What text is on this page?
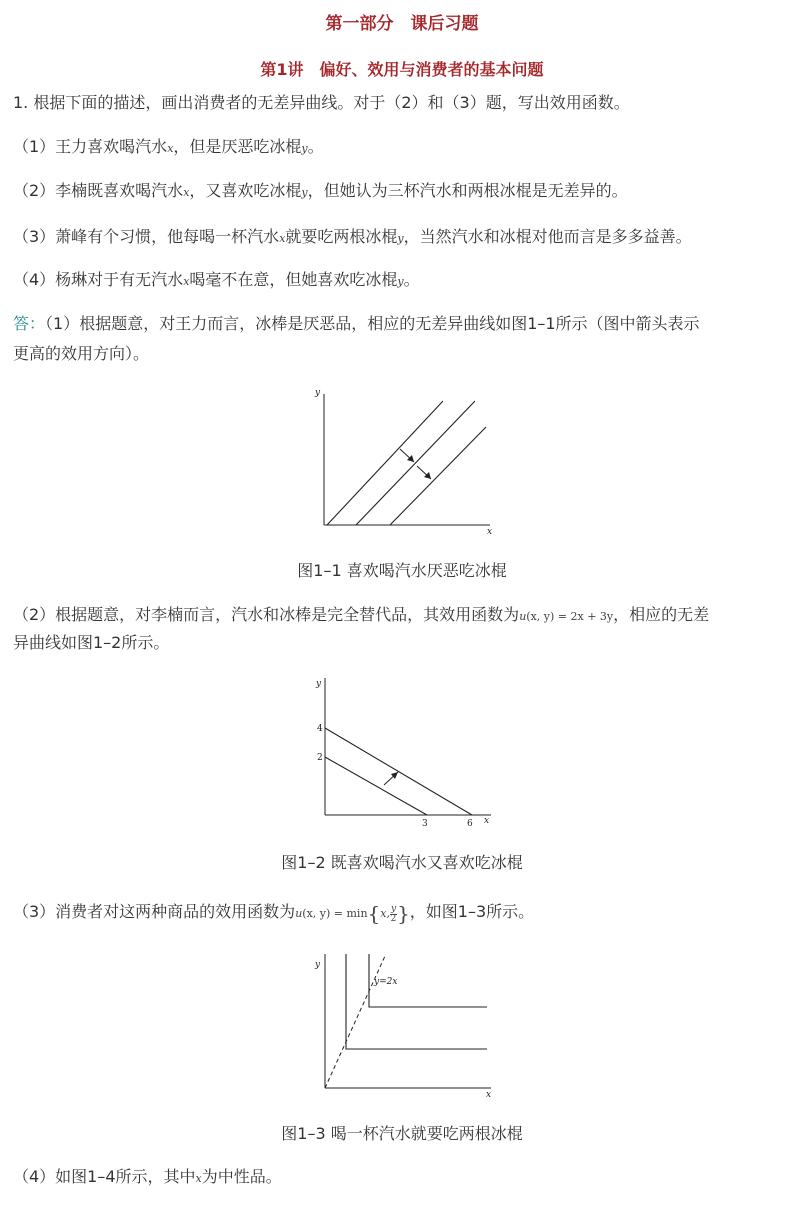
第一部分　课后习题
第1讲　偏好、效用与消费者的基本问题
1. 根据下面的描述，画出消费者的无差异曲线。对于（2）和（3）题，写出效用函数。
（1）王力喜欢喝汽水x，但是厌恶吃冰棍y。
（2）李楠既喜欢喝汽水x，又喜欢吃冰棍y，但她认为三杯汽水和两根冰棍是无差异的。
（3）萧峰有个习惯，他每喝一杯汽水x就要吃两根冰棍y，当然汽水和冰棍对他而言是多多益善。
（4）杨琳对于有无汽水x喝毫不在意，但她喜欢吃冰棍y。
答：（1）根据题意，对王力而言，冰棒是厌恶品，相应的无差异曲线如图1–1所示（图中箭头表示
更高的效用方向）。
y
x
图1–1 喜欢喝汽水厌恶吃冰棍
（2）根据题意，对李楠而言，汽水和冰棒是完全替代品，其效用函数为u(x, y) = 2x + 3y，相应的无差
异曲线如图1–2所示。
y
x
4
2
3	6
图1–2 既喜欢喝汽水又喜欢吃冰棍
（3）消费者对这两种商品的效用函数为u(x, y) = min{x, $\frac{y}{2}$ }，如图1–3所示。
y
x
y=2x
图1–3 喝一杯汽水就要吃两根冰棍
（4）如图1–4所示，其中x为中性品。
